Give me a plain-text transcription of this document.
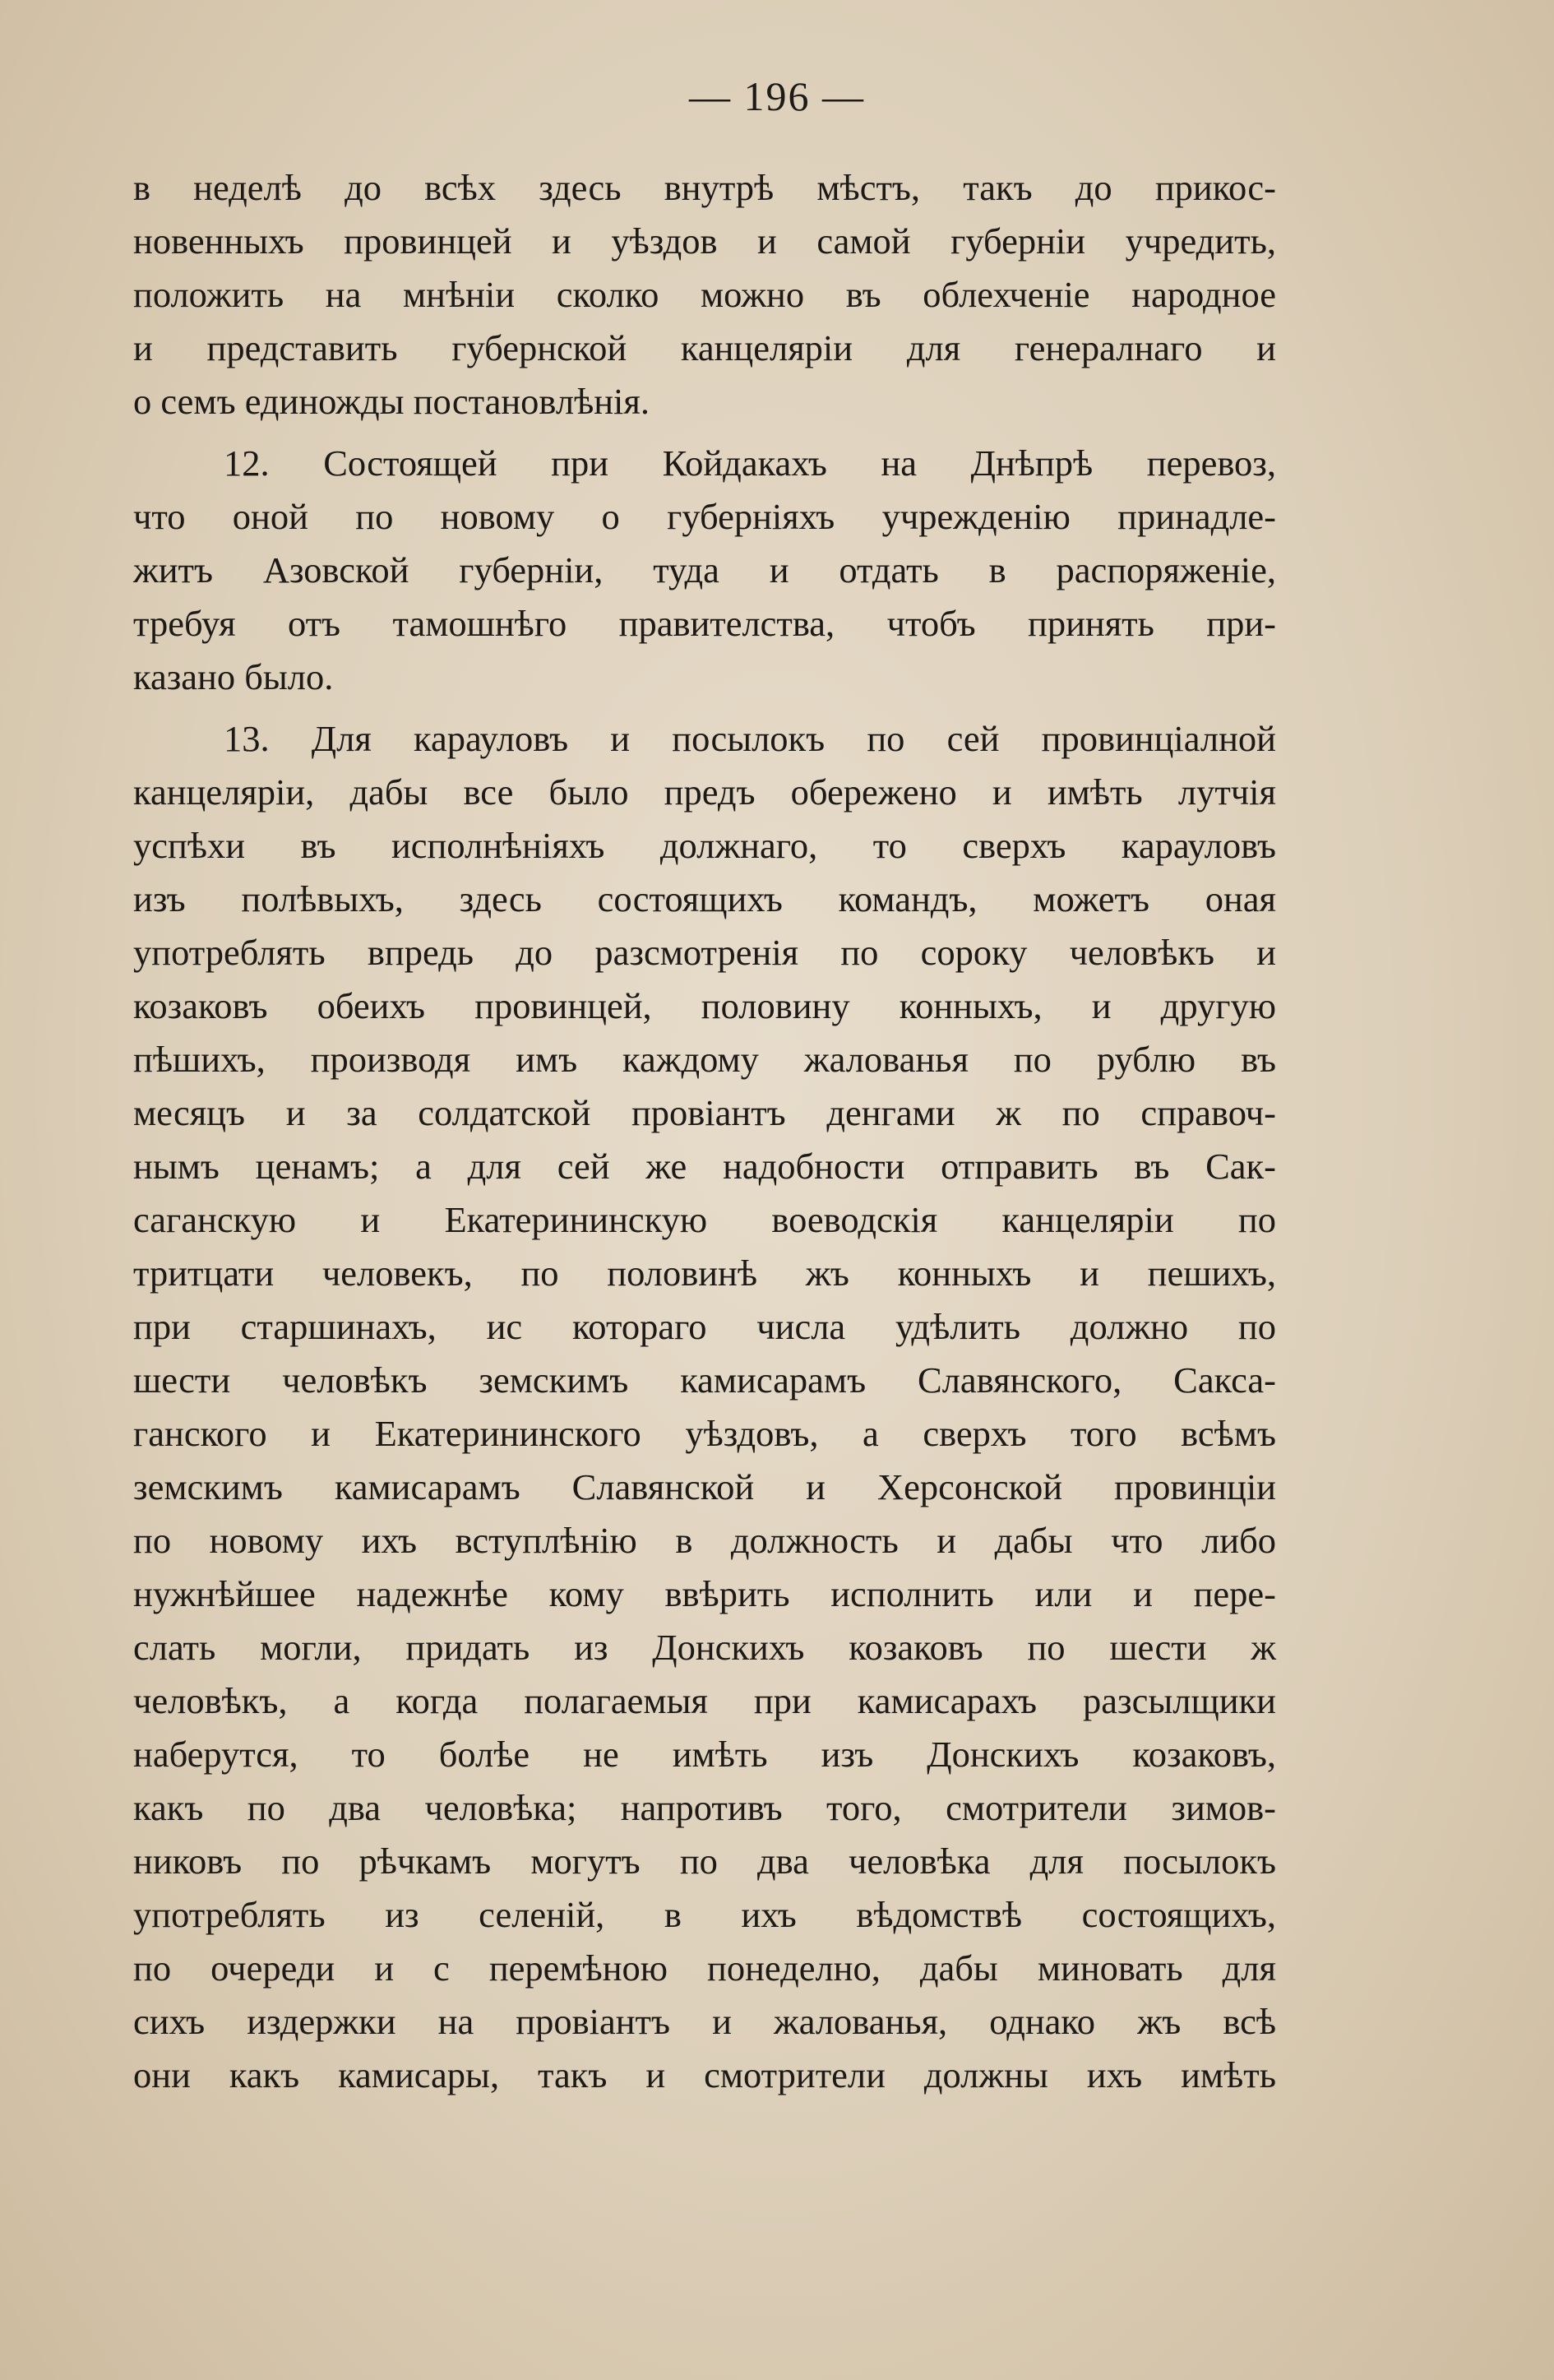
— 196 —
в неделѣ до всѣх здесь внутрѣ мѣстъ, такъ до прикос-
новенныхъ провинцей и уѣздов и самой губерніи учредить,
положить на мнѣніи сколко можно въ облехченіе народное
и представить губернской канцеляріи для генералнаго и
о семъ единожды постановлѣнія.
12. Состоящей при Койдакахъ на Днѣпрѣ перевоз,
что оной по новому о губерніяхъ учрежденію принадле-
житъ Азовской губерніи, туда и отдать в распоряженіе,
требуя отъ тамошнѣго правителства, чтобъ принять при-
казано было.
13. Для карауловъ и посылокъ по сей провинціалной
канцеляріи, дабы все было предъ обережено и имѣть лутчія
успѣхи въ исполнѣніяхъ должнаго, то сверхъ карауловъ
изъ полѣвыхъ, здесь состоящихъ командъ, можетъ оная
употреблять впредь до разсмотренія по сороку человѣкъ и
козаковъ обеихъ провинцей, половину конныхъ, и другую
пѣшихъ, производя имъ каждому жалованья по рублю въ
месяцъ и за солдатской провіантъ денгами ж по справоч-
нымъ ценамъ; а для сей же надобности отправить въ Сак-
саганскую и Екатерининскую воеводскія канцеляріи по
тритцати человекъ, по половинѣ жъ конныхъ и пешихъ,
при старшинахъ, ис котораго числа удѣлить должно по
шести человѣкъ земскимъ камисарамъ Славянского, Сакса-
ганского и Екатерининского уѣздовъ, а сверхъ того всѣмъ
земскимъ камисарамъ Славянской и Херсонской провинціи
по новому ихъ вступлѣнію в должность и дабы что либо
нужнѣйшее надежнѣе кому ввѣрить исполнить или и пере-
слать могли, придать из Донскихъ козаковъ по шести ж
человѣкъ, а когда полагаемыя при камисарахъ разсылщики
наберутся, то болѣе не имѣть изъ Донскихъ козаковъ,
какъ по два человѣка; напротивъ того, смотрители зимов-
никовъ по рѣчкамъ могутъ по два человѣка для посылокъ
употреблять из селеній, в ихъ вѣдомствѣ состоящихъ,
по очереди и с перемѣною понеделно, дабы миновать для
сихъ издержки на провіантъ и жалованья, однако жъ всѣ
они какъ камисары, такъ и смотрители должны ихъ имѣть
